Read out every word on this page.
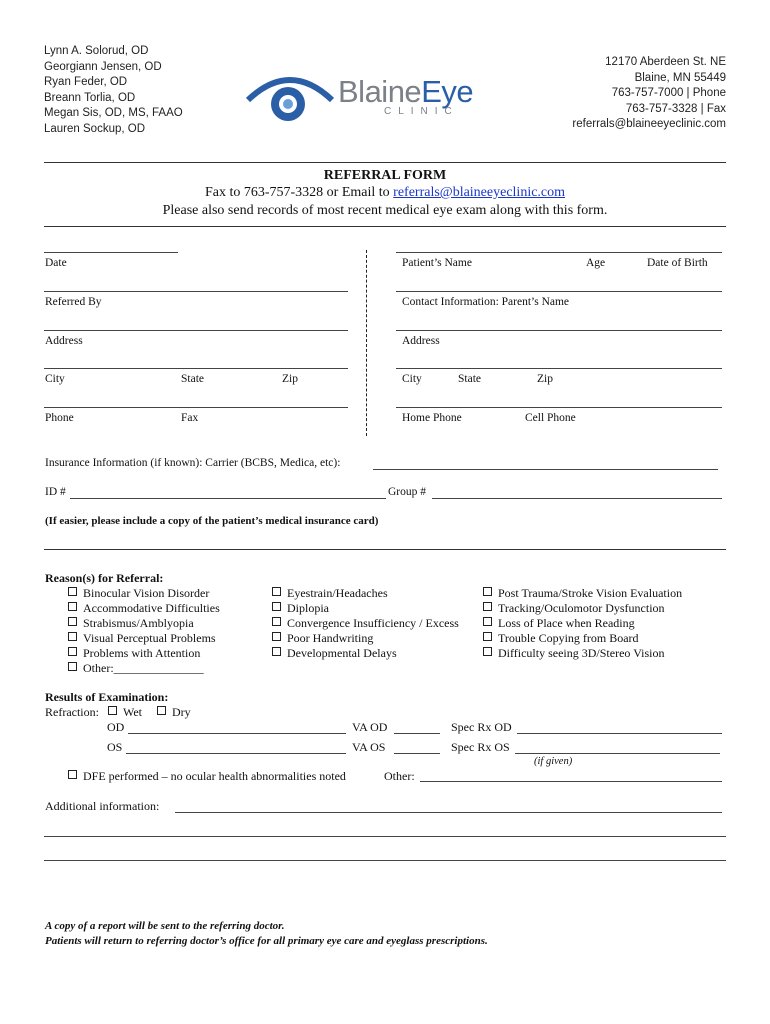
Lynn A. Solorud, OD
Georgiann Jensen, OD
Ryan Feder, OD
Breann Torlia, OD
Megan Sis, OD, MS, FAAO
Lauren Sockup, OD
BlaineEye
CLINIC
12170 Aberdeen St. NE
Blaine, MN 55449
763-757-7000 | Phone
763-757-3328 | Fax
referrals@blaineeyeclinic.com
REFERRAL FORM
Fax to 763-757-3328 or Email to referrals@blaineeyeclinic.com
Please also send records of most recent medical eye exam along with this form.
Date
Referred By
Address
City	State	Zip
Phone	Fax
Patient’s Name	Age	Date of Birth
Contact Information: Parent’s Name
Address
City	State	Zip
Home Phone	Cell Phone
Insurance Information (if known): Carrier (BCBS, Medica, etc):
ID #	Group #
(If easier, please include a copy of the patient’s medical insurance card)
Reason(s) for Referral:
Binocular Vision Disorder
Accommodative Difficulties
Strabismus/Amblyopia
Visual Perceptual Problems
Problems with Attention
Other:_______________
Eyestrain/Headaches
Diplopia
Convergence Insufficiency / Excess
Poor Handwriting
Developmental Delays
Post Trauma/Stroke Vision Evaluation
Tracking/Oculomotor Dysfunction
Loss of Place when Reading
Trouble Copying from Board
Difficulty seeing 3D/Stereo Vision
Results of Examination:
Refraction: Wet	Dry
OD	VA OD	Spec Rx OD
OS	VA OS	Spec Rx OS
(if given)
DFE performed – no ocular health abnormalities noted	Other:
Additional information:
A copy of a report will be sent to the referring doctor.
Patients will return to referring doctor’s office for all primary eye care and eyeglass prescriptions.
